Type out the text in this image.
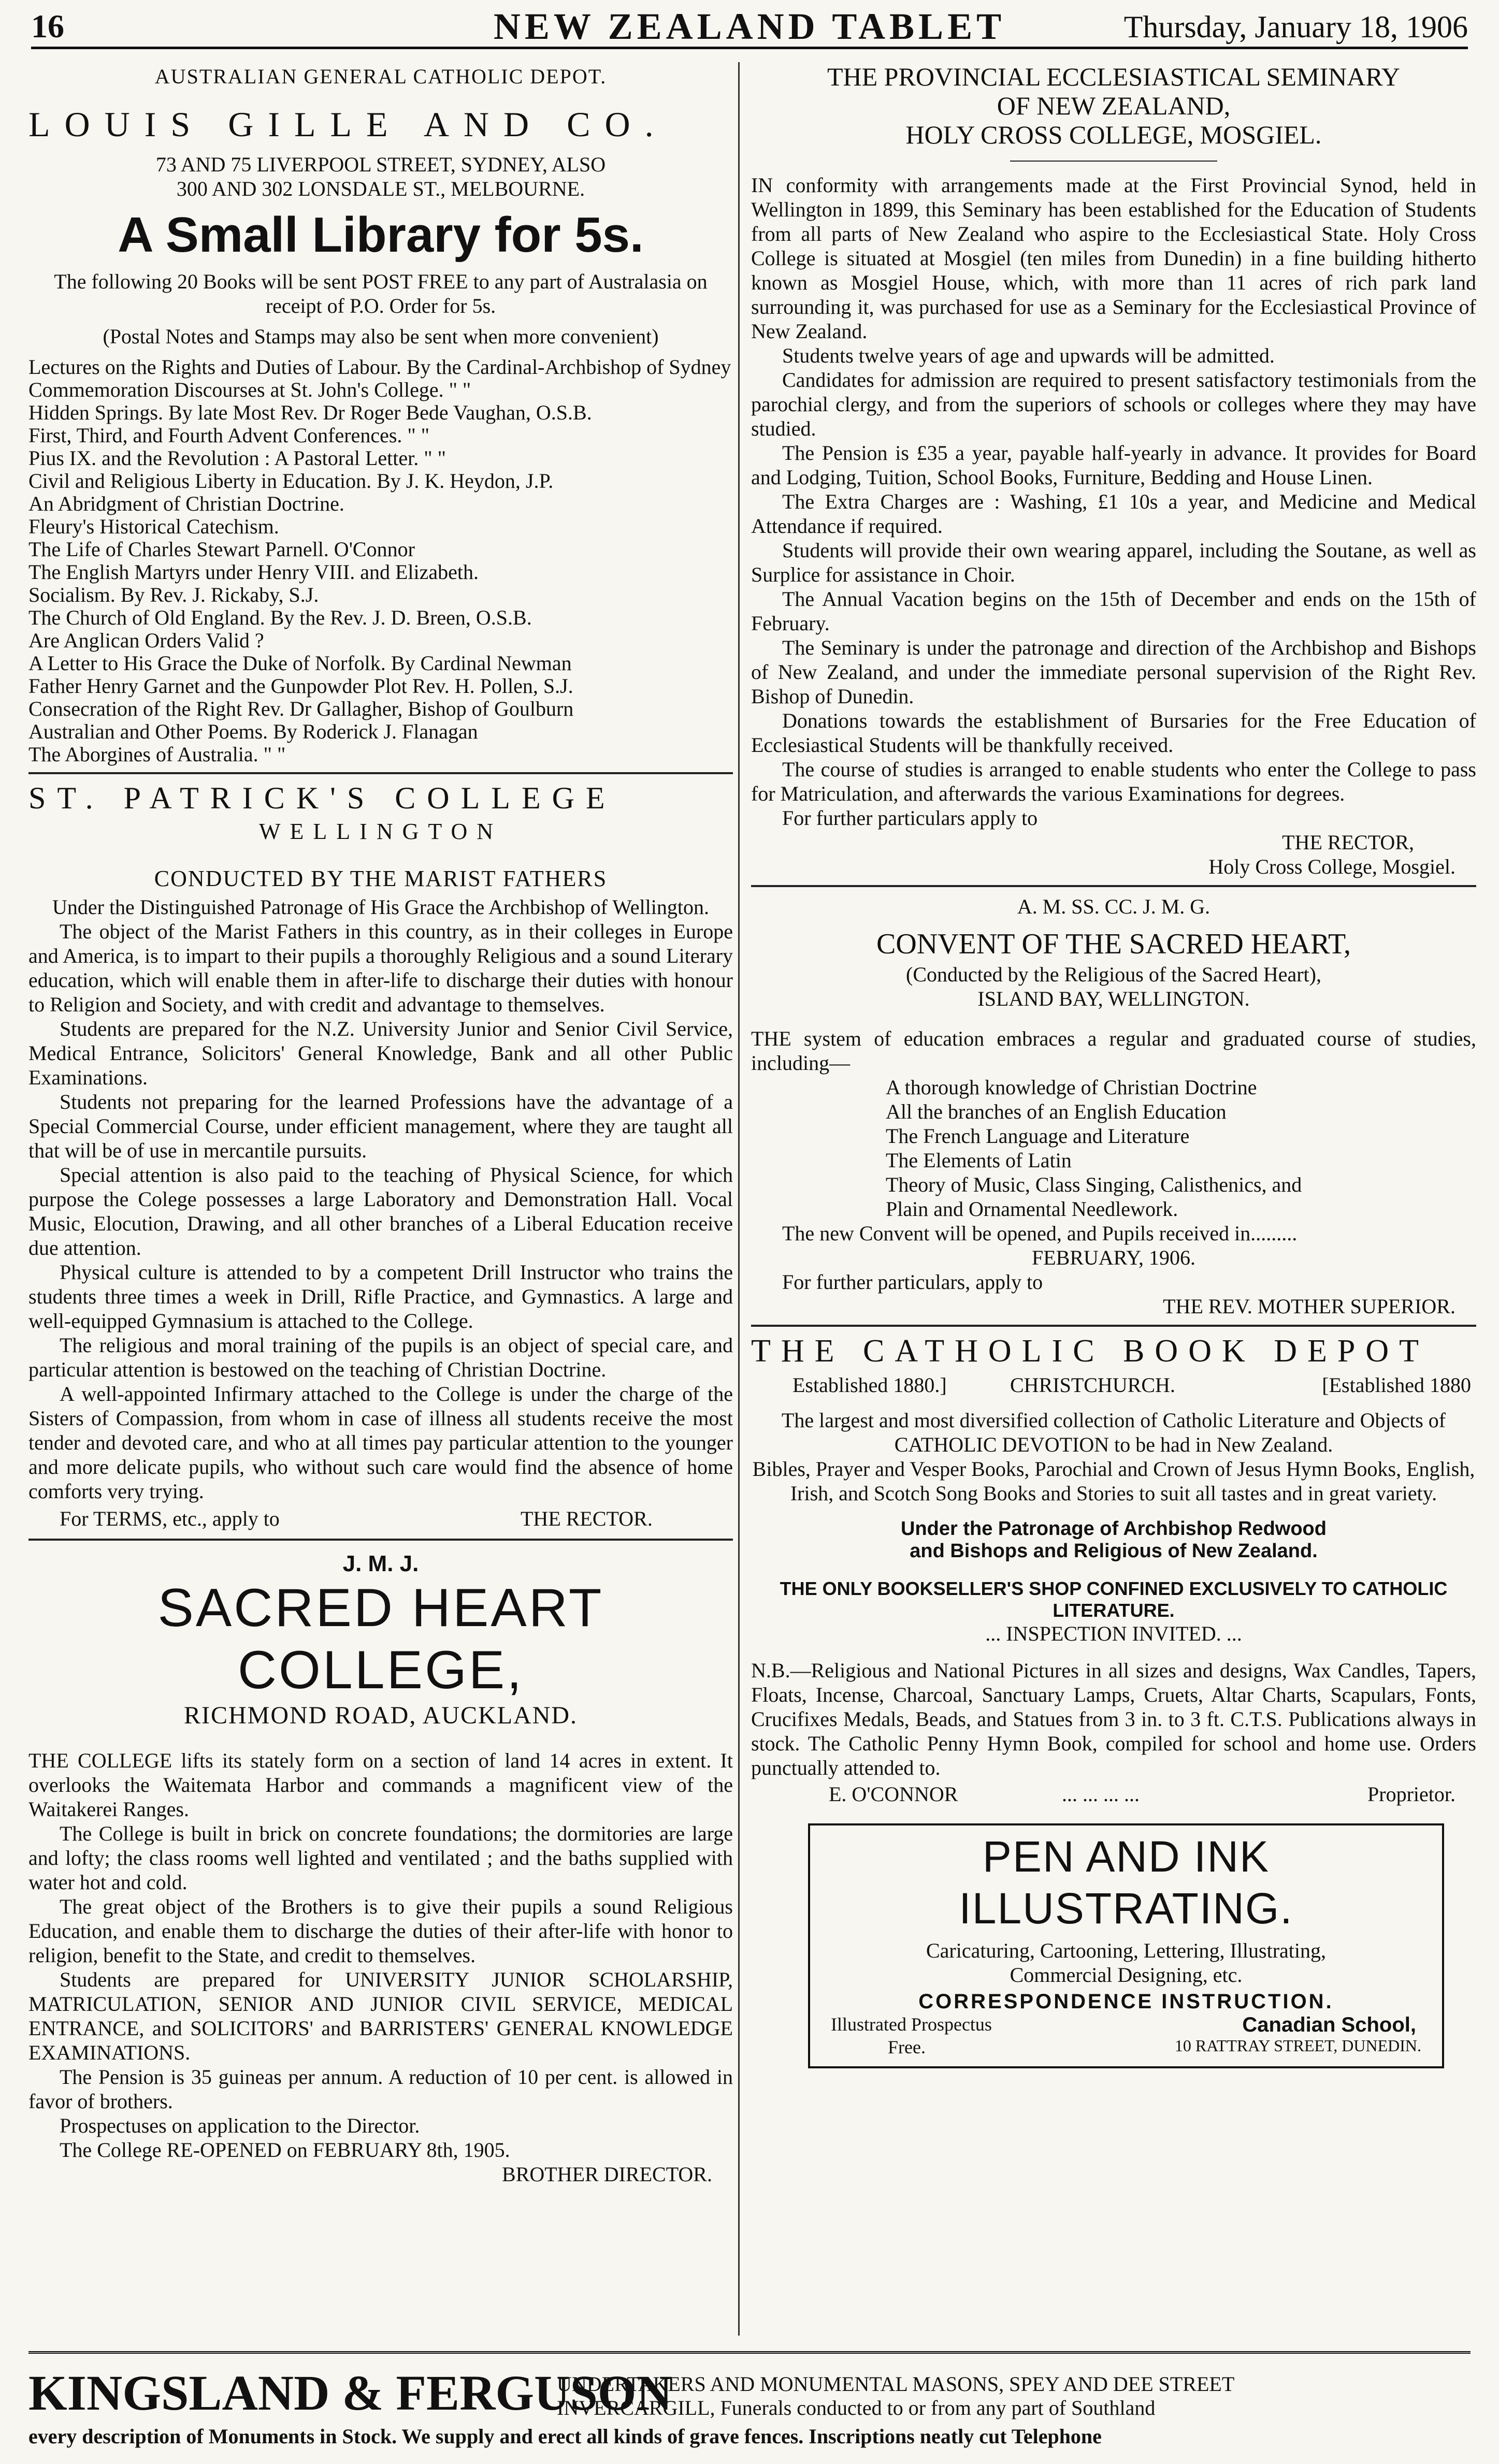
16	NEW ZEALAND TABLET	Thursday, January 18, 1906

AUSTRALIAN GENERAL CATHOLIC DEPOT.

LOUIS GILLE AND CO.

73 AND 75 LIVERPOOL STREET, SYDNEY, ALSO

300 AND 302 LONSDALE ST., MELBOURNE.

A Small Library for 5s.

The following 20 Books will be sent POST FREE to any part of Australasia on receipt of P.O. Order for 5s.

(Postal Notes and Stamps may also be sent when more convenient)

Lectures on the Rights and Duties of Labour. By the Cardinal-Archbishop of Sydney

Commemoration Discourses at St. John's College. " "

Hidden Springs. By late Most Rev. Dr Roger Bede Vaughan, O.S.B.

First, Third, and Fourth Advent Conferences. " "

Pius IX. and the Revolution : A Pastoral Letter. " "

Civil and Religious Liberty in Education. By J. K. Heydon, J.P.

An Abridgment of Christian Doctrine.

Fleury's Historical Catechism.

The Life of Charles Stewart Parnell. O'Connor

The English Martyrs under Henry VIII. and Elizabeth.

Socialism. By Rev. J. Rickaby, S.J.

The Church of Old England. By the Rev. J. D. Breen, O.S.B.

Are Anglican Orders Valid ?

A Letter to His Grace the Duke of Norfolk. By Cardinal Newman

Father Henry Garnet and the Gunpowder Plot Rev. H. Pollen, S.J.

Consecration of the Right Rev. Dr Gallagher, Bishop of Goulburn

Australian and Other Poems. By Roderick J. Flanagan

The Aborgines of Australia. " "

ST. PATRICK'S COLLEGE

WELLINGTON

CONDUCTED BY THE MARIST FATHERS

Under the Distinguished Patronage of His Grace the Archbishop of Wellington.

The object of the Marist Fathers in this country, as in their colleges in Europe and America, is to impart to their pupils a thoroughly Religious and a sound Literary education, which will enable them in after-life to discharge their duties with honour to Religion and Society, and with credit and advantage to themselves.

Students are prepared for the N.Z. University Junior and Senior Civil Service, Medical Entrance, Solicitors' General Knowledge, Bank and all other Public Examinations.

Students not preparing for the learned Professions have the advantage of a Special Commercial Course, under efficient management, where they are taught all that will be of use in mercantile pursuits.

Special attention is also paid to the teaching of Physical Science, for which purpose the Colege possesses a large Laboratory and Demonstration Hall. Vocal Music, Elocution, Drawing, and all other branches of a Liberal Education receive due attention.

Physical culture is attended to by a competent Drill Instructor who trains the students three times a week in Drill, Rifle Practice, and Gymnastics. A large and well-equipped Gymnasium is attached to the College.

The religious and moral training of the pupils is an object of special care, and particular attention is bestowed on the teaching of Christian Doctrine.

A well-appointed Infirmary attached to the College is under the charge of the Sisters of Compassion, from whom in case of illness all students receive the most tender and devoted care, and who at all times pay particular attention to the younger and more delicate pupils, who without such care would find the absence of home comforts very trying.

For TERMS, etc., apply to	THE RECTOR.

J. M. J.

SACRED HEART COLLEGE,

RICHMOND ROAD, AUCKLAND.

THE COLLEGE lifts its stately form on a section of land 14 acres in extent. It overlooks the Waitemata Harbor and commands a magnificent view of the Waitakerei Ranges.

The College is built in brick on concrete foundations; the dormitories are large and lofty; the class rooms well lighted and ventilated ; and the baths supplied with water hot and cold.

The great object of the Brothers is to give their pupils a sound Religious Education, and enable them to discharge the duties of their after-life with honor to religion, benefit to the State, and credit to themselves.

Students are prepared for UNIVERSITY JUNIOR SCHOLARSHIP, MATRICULATION, SENIOR AND JUNIOR CIVIL SERVICE, MEDICAL ENTRANCE, and SOLICITORS' and BARRISTERS' GENERAL KNOWLEDGE EXAMINATIONS.

The Pension is 35 guineas per annum. A reduction of 10 per cent. is allowed in favor of brothers.

Prospectuses on application to the Director.

The College RE-OPENED on FEBRUARY 8th, 1905.

BROTHER DIRECTOR.

THE PROVINCIAL ECCLESIASTICAL SEMINARY

OF NEW ZEALAND,

HOLY CROSS COLLEGE, MOSGIEL.

IN conformity with arrangements made at the First Provincial Synod, held in Wellington in 1899, this Seminary has been established for the Education of Students from all parts of New Zealand who aspire to the Ecclesiastical State. Holy Cross College is situated at Mosgiel (ten miles from Dunedin) in a fine building hitherto known as Mosgiel House, which, with more than 11 acres of rich park land surrounding it, was purchased for use as a Seminary for the Ecclesiastical Province of New Zealand.

Students twelve years of age and upwards will be admitted.

Candidates for admission are required to present satisfactory testimonials from the parochial clergy, and from the superiors of schools or colleges where they may have studied.

The Pension is £35 a year, payable half-yearly in advance. It provides for Board and Lodging, Tuition, School Books, Furniture, Bedding and House Linen.

The Extra Charges are : Washing, £1 10s a year, and Medicine and Medical Attendance if required.

Students will provide their own wearing apparel, including the Soutane, as well as Surplice for assistance in Choir.

The Annual Vacation begins on the 15th of December and ends on the 15th of February.

The Seminary is under the patronage and direction of the Archbishop and Bishops of New Zealand, and under the immediate personal supervision of the Right Rev. Bishop of Dunedin.

Donations towards the establishment of Bursaries for the Free Education of Ecclesiastical Students will be thankfully received.

The course of studies is arranged to enable students who enter the College to pass for Matriculation, and afterwards the various Examinations for degrees.

For further particulars apply to

THE RECTOR,

Holy Cross College, Mosgiel.

A. M. SS. CC. J. M. G.

CONVENT OF THE SACRED HEART,

(Conducted by the Religious of the Sacred Heart),

ISLAND BAY, WELLINGTON.

THE system of education embraces a regular and graduated course of studies, including—

A thorough knowledge of Christian Doctrine

All the branches of an English Education

The French Language and Literature

The Elements of Latin

Theory of Music, Class Singing, Calisthenics, and

Plain and Ornamental Needlework.

The new Convent will be opened, and Pupils received in.........

FEBRUARY, 1906.

For further particulars, apply to

THE REV. MOTHER SUPERIOR.

THE CATHOLIC BOOK DEPOT

Established 1880.]	CHRISTCHURCH.	[Established 1880

The largest and most diversified collection of Catholic Literature and Objects of CATHOLIC DEVOTION to be had in New Zealand.

Bibles, Prayer and Vesper Books, Parochial and Crown of Jesus Hymn Books, English, Irish, and Scotch Song Books and Stories to suit all tastes and in great variety.

Under the Patronage of Archbishop Redwood

and Bishops and Religious of New Zealand.

THE ONLY BOOKSELLER'S SHOP CONFINED EXCLUSIVELY TO CATHOLIC

LITERATURE.

... INSPECTION INVITED. ...

N.B.—Religious and National Pictures in all sizes and designs, Wax Candles, Tapers, Floats, Incense, Charcoal, Sanctuary Lamps, Cruets, Altar Charts, Scapulars, Fonts, Crucifixes Medals, Beads, and Statues from 3 in. to 3 ft. C.T.S. Publications always in stock. The Catholic Penny Hymn Book, compiled for school and home use. Orders punctually attended to.

E. O'CONNOR	... ... ... ...	Proprietor.

PEN AND INK ILLUSTRATING.

Caricaturing, Cartooning, Lettering, Illustrating,

Commercial Designing, etc.

CORRESPONDENCE INSTRUCTION.

Illustrated Prospectus
Free.
Canadian School,
10 RATTRAY STREET, DUNEDIN.
KINGSLAND & FERGUSON

UNDERTAKERS AND MONUMENTAL MASONS, SPEY AND DEE STREET

INVERCARGILL, Funerals conducted to or from any part of Southland

every description of Monuments in Stock. We supply and erect all kinds of grave fences. Inscriptions neatly cut Telephone
